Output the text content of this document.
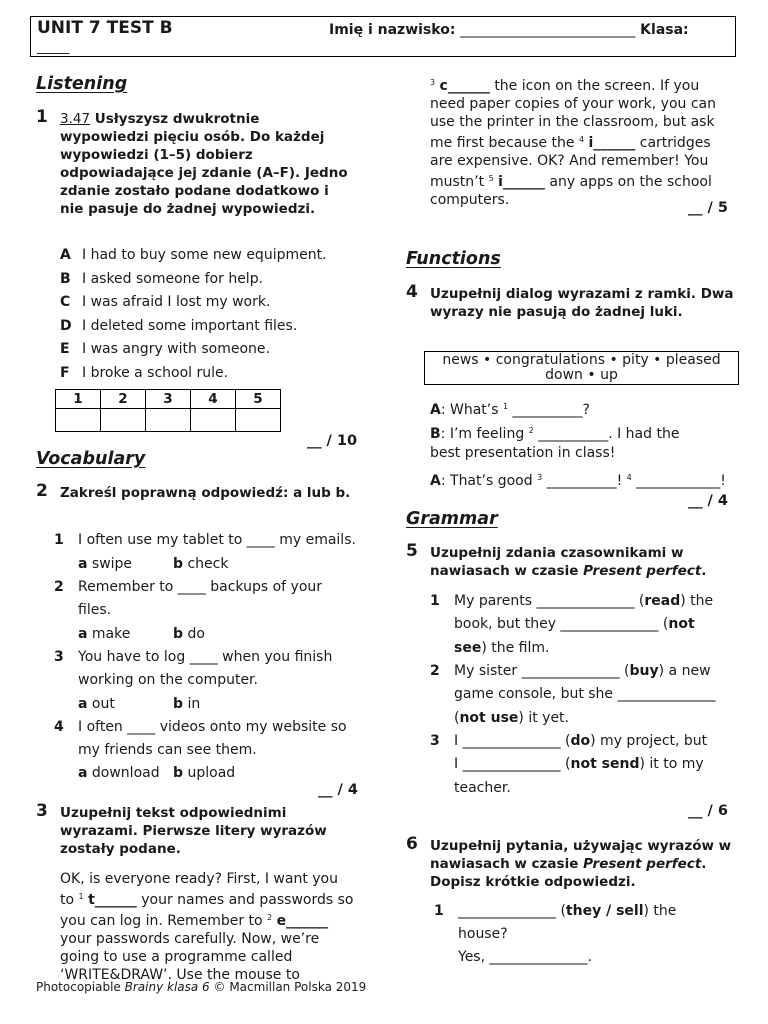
UNIT 7 TEST B
_____
Imię i nazwisko: _________________________ Klasa:
Listening
1 3.47 Usłyszysz dwukrotnie wypowiedzi pięciu osób. Do każdej wypowiedzi (1–5) dobierz odpowiadające jej zdanie (A–F). Jedno zdanie zostało podane dodatkowo i nie pasuje do żadnej wypowiedzi.
A I had to buy some new equipment.
B I asked someone for help.
C I was afraid I lost my work.
D I deleted some important files.
E I was angry with someone.
F I broke a school rule.
1	2	3	4	5

__ / 10
Vocabulary
2 Zakreśl poprawną odpowiedź: a lub b.
1 I often use my tablet to ____ my emails.
a swipe	b check
2 Remember to ____ backups of your
files.
a make	b do
3 You have to log ____ when you finish
working on the computer.
a out	b in
4 I often ____ videos onto my website so
my friends can see them.
a download b upload
__ / 4
3 Uzupełnij tekst odpowiednimi wyrazami. Pierwsze litery wyrazów zostały podane.
OK, is everyone ready? First, I want you
to $^1$ t______ your names and passwords so
you can log in. Remember to $^2$ e______
your passwords carefully. Now, we’re
going to use a programme called
‘WRITE&DRAW’. Use the mouse to
$^3$ c______ the icon on the screen. If you
need paper copies of your work, you can
use the printer in the classroom, but ask
me first because the $^4$ i______ cartridges
are expensive. OK? And remember! You
mustn’t $^5$ i______ any apps on the school
computers.	__ / 5
Functions
4 Uzupełnij dialog wyrazami z ramki. Dwa wyrazy nie pasują do żadnej luki.
news • congratulations • pity • pleased
down • up
A: What’s $^1$ __________?
B: I’m feeling $^2$ __________. I had the
best presentation in class!
A: That’s good $^3$ __________! $^4$ ____________!
__ / 4
Grammar
5 Uzupełnij zdania czasownikami w nawiasach w czasie Present perfect.
1 My parents ______________ (read) the
book, but they ______________ (not
see) the film.
2 My sister ______________ (buy) a new
game console, but she ______________
(not use) it yet.
3 I ______________ (do) my project, but
I ______________ (not send) it to my
teacher.
__ / 6
6 Uzupełnij pytania, używając wyrazów w nawiasach w czasie Present perfect. Dopisz krótkie odpowiedzi.
1 ______________ (they / sell) the
house?
Yes, ______________.
Photocopiable Brainy klasa 6 © Macmillan Polska 2019
